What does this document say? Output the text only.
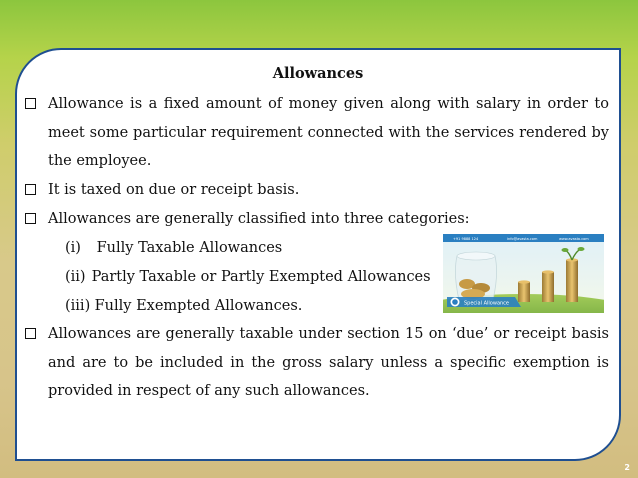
Allowances
Allowance is a fixed amount of money given along with salary in order to meet some particular requirement connected with the services rendered by the employee.
It is taxed on due or receipt basis.
Allowances are generally classified into three categories:
(i) Fully Taxable Allowances
(ii) Partly Taxable or Partly Exempted Allowances
(iii) Fully Exempted Allowances.
Allowances are generally taxable under section 15 on ‘due’ or receipt basis and are to be included in the gross salary unless a specific exemption is provided in respect of any such allowances.
+91 9888 124	info@avasta.com	www.avasta.com
Special Allowance
2
